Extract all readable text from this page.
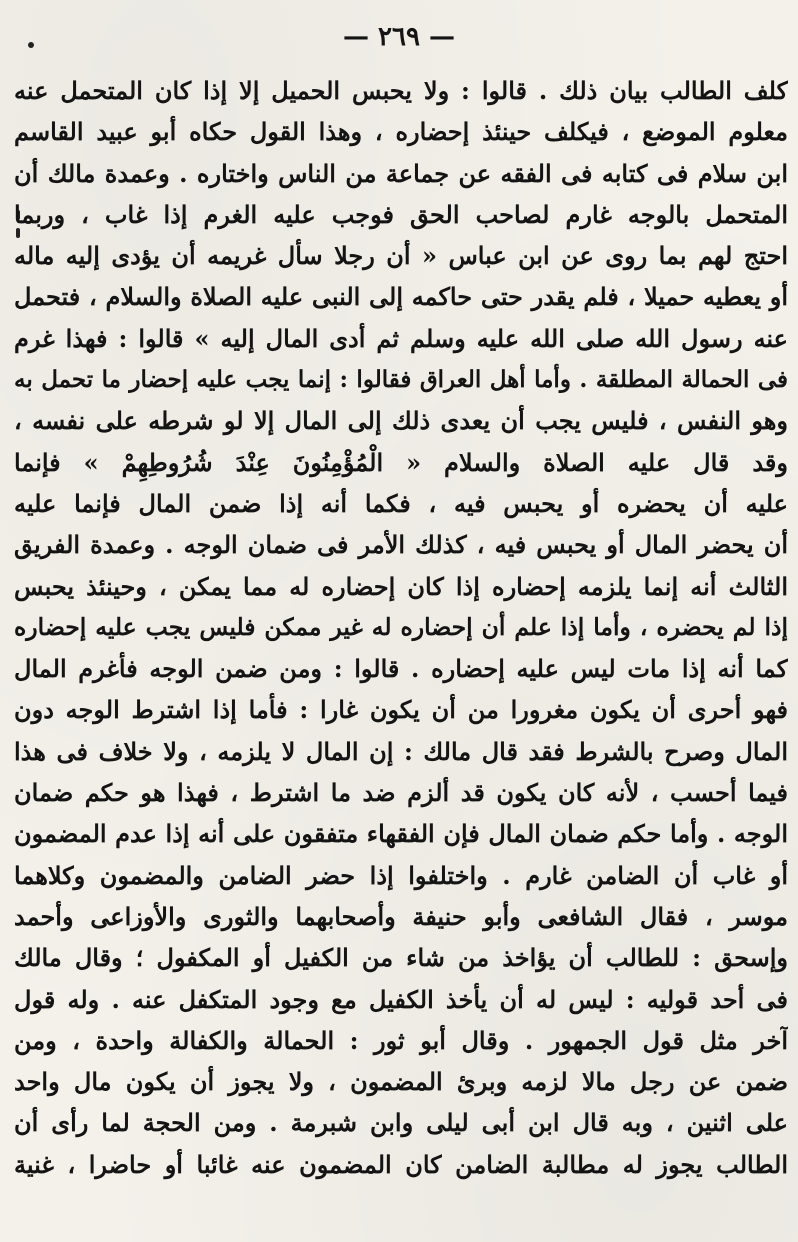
— ٢٦٩ —
كلف الطالب بيان ذلك . قالوا : ولا يحبس الحميل إلا إذا كان المتحمل عنه
معلوم الموضع ، فيكلف حينئذ إحضاره ، وهذا القول حكاه أبو عبيد القاسم
ابن سلام فى كتابه فى الفقه عن جماعة من الناس واختاره . وعمدة مالك أن
المتحمل بالوجه غارم لصاحب الحق فوجب عليه الغرم إذا غاب ، وربما
احتج لهم بما روى عن ابن عباس « أن رجلا سأل غريمه أن يؤدى إليه ماله
أو يعطيه حميلا ، فلم يقدر حتى حاكمه إلى النبى عليه الصلاة والسلام ، فتحمل
عنه رسول الله صلى الله عليه وسلم ثم أدى المال إليه » قالوا : فهذا غرم
فى الحمالة المطلقة . وأما أهل العراق فقالوا : إنما يجب عليه إحضار ما تحمل به
وهو النفس ، فليس يجب أن يعدى ذلك إلى المال إلا لو شرطه على نفسه ،
وقد قال عليه الصلاة والسلام « الْمُؤْمِنُونَ عِنْدَ شُرُوطِهِمْ » فإنما
عليه أن يحضره أو يحبس فيه ، فكما أنه إذا ضمن المال فإنما عليه
أن يحضر المال أو يحبس فيه ، كذلك الأمر فى ضمان الوجه . وعمدة الفريق
الثالث أنه إنما يلزمه إحضاره إذا كان إحضاره له مما يمكن ، وحينئذ يحبس
إذا لم يحضره ، وأما إذا علم أن إحضاره له غير ممكن فليس يجب عليه إحضاره
كما أنه إذا مات ليس عليه إحضاره . قالوا : ومن ضمن الوجه فأغرم المال
فهو أحرى أن يكون مغرورا من أن يكون غارا : فأما إذا اشترط الوجه دون
المال وصرح بالشرط فقد قال مالك : إن المال لا يلزمه ، ولا خلاف فى هذا
فيما أحسب ، لأنه كان يكون قد ألزم ضد ما اشترط ، فهذا هو حكم ضمان
الوجه . وأما حكم ضمان المال فإن الفقهاء متفقون على أنه إذا عدم المضمون
أو غاب أن الضامن غارم . واختلفوا إذا حضر الضامن والمضمون وكلاهما
موسر ، فقال الشافعى وأبو حنيفة وأصحابهما والثورى والأوزاعى وأحمد
وإسحق : للطالب أن يؤاخذ من شاء من الكفيل أو المكفول ؛ وقال مالك
فى أحد قوليه : ليس له أن يأخذ الكفيل مع وجود المتكفل عنه . وله قول
آخر مثل قول الجمهور . وقال أبو ثور : الحمالة والكفالة واحدة ، ومن
ضمن عن رجل مالا لزمه وبرئ المضمون ، ولا يجوز أن يكون مال واحد
على اثنين ، وبه قال ابن أبى ليلى وابن شبرمة . ومن الحجة لما رأى أن
الطالب يجوز له مطالبة الضامن كان المضمون عنه غائبا أو حاضرا ، غنية
